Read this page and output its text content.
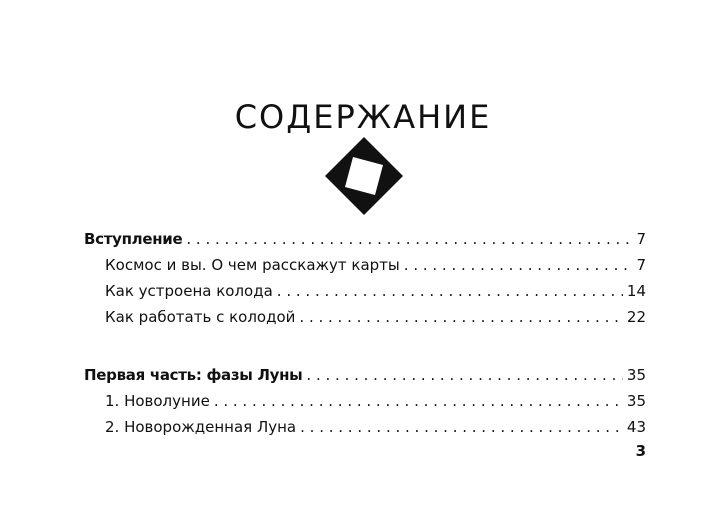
СОДЕРЖАНИЕ
Вступление . . .	7
Космос и вы. О чем расскажут карты . . .	7
Как устроена колода . . .	14
Как работать с колодой . . .	22
Первая часть: фазы Луны . . .	35
1. Новолуние . . .	35
2. Новорожденная Луна . . .	43
3
